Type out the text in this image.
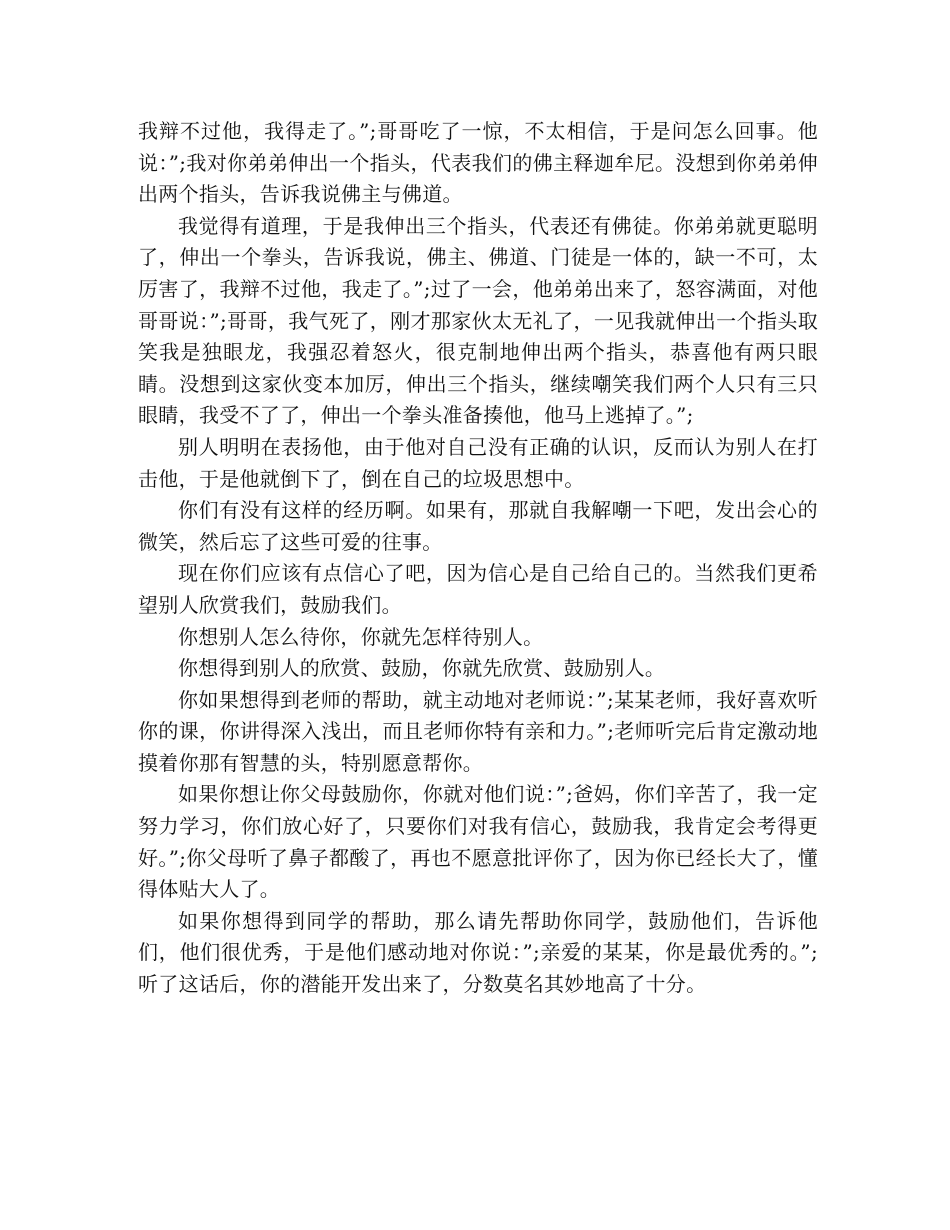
我辩不过他，我得走了。”;哥哥吃了一惊，不太相信，于是问怎么回事。他说：”;我对你弟弟伸出一个指头，代表我们的佛主释迦牟尼。没想到你弟弟伸出两个指头，告诉我说佛主与佛道。

我觉得有道理，于是我伸出三个指头，代表还有佛徒。你弟弟就更聪明了，伸出一个拳头，告诉我说，佛主、佛道、门徒是一体的，缺一不可，太厉害了，我辩不过他，我走了。”;过了一会，他弟弟出来了，怒容满面，对他哥哥说：”;哥哥，我气死了，刚才那家伙太无礼了，一见我就伸出一个指头取笑我是独眼龙，我强忍着怒火，很克制地伸出两个指头，恭喜他有两只眼睛。没想到这家伙变本加厉，伸出三个指头，继续嘲笑我们两个人只有三只眼睛，我受不了了，伸出一个拳头准备揍他，他马上逃掉了。”;

别人明明在表扬他，由于他对自己没有正确的认识，反而认为别人在打击他，于是他就倒下了，倒在自己的垃圾思想中。

你们有没有这样的经历啊。如果有，那就自我解嘲一下吧，发出会心的微笑，然后忘了这些可爱的往事。

现在你们应该有点信心了吧，因为信心是自己给自己的。当然我们更希望别人欣赏我们，鼓励我们。

你想别人怎么待你，你就先怎样待别人。

你想得到别人的欣赏、鼓励，你就先欣赏、鼓励别人。

你如果想得到老师的帮助，就主动地对老师说：”;某某老师，我好喜欢听你的课，你讲得深入浅出，而且老师你特有亲和力。”;老师听完后肯定激动地摸着你那有智慧的头，特别愿意帮你。

如果你想让你父母鼓励你，你就对他们说：”;爸妈，你们辛苦了，我一定努力学习，你们放心好了，只要你们对我有信心，鼓励我，我肯定会考得更好。”;你父母听了鼻子都酸了，再也不愿意批评你了，因为你已经长大了，懂得体贴大人了。

如果你想得到同学的帮助，那么请先帮助你同学，鼓励他们，告诉他们，他们很优秀，于是他们感动地对你说：”;亲爱的某某，你是最优秀的。”;听了这话后，你的潜能开发出来了，分数莫名其妙地高了十分。
